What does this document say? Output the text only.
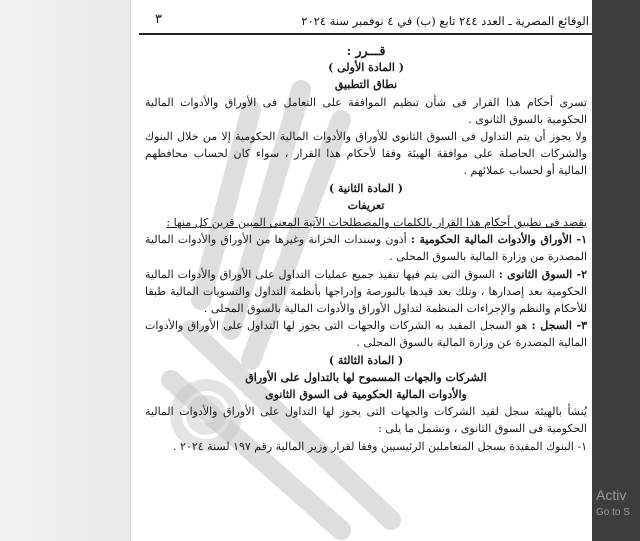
الوقائع المصرية ـ العدد ٢٤٤ تابع (ب) في ٤ نوفمبر سنة ٢٠٢٤
٣

قـــرر :

( المادة الأولى )

نطاق التطبيق

تسرى أحكام هذا القرار فى شأن تنظيم الموافقة على التعامل فى الأوراق والأدوات المالية الحكومية بالسوق الثانوى .

ولا يجوز أن يتم التداول فى السوق الثانوى للأوراق والأدوات المالية الحكومية إلا من خلال البنوك والشركات الحاصلة على موافقة الهيئة وفقا لأحكام هذا القرار ، سواء كان لحساب محافظهم المالية أو لحساب عملائهم .

( المادة الثانية )

تعريفات

يقصد فى تطبيق أحكام هذا القرار بالكلمات والمصطلحات الآتية المعنى المبين قرين كل منها :

١- الأوراق والأدوات المالية الحكومية : أذون وسندات الخزانة وغيرها من الأوراق والأدوات المالية المصدرة من وزارة المالية بالسوق المحلى .

٢- السوق الثانوى : السوق التى يتم فيها تنفيذ جميع عمليات التداول على الأوراق والأدوات المالية الحكومية بعد إصدارها ، وتلك بعد قيدها بالبورصة وإدراجها بأنظمة التداول والتسويات المالية طبقا للأحكام والنظم والإجراءات المنظمة لتداول الأوراق والأدوات المالية بالسوق المحلى .

٣- السجل : هو السجل المقيد به الشركات والجهات التى يجوز لها التداول على الأوراق والأدوات المالية المصدرة عن وزارة المالية بالسوق المحلى .

( المادة الثالثة )

الشركات والجهات المسموح لها بالتداول على الأوراق

والأدوات المالية الحكومية فى السوق الثانوى

يُنشأ بالهيئة سجل لقيد الشركات والجهات التى يجوز لها التداول على الأوراق والأدوات المالية الحكومية فى السوق الثانوى ، وتشمل ما يلى :

١- البنوك المقيدة بسجل المتعاملين الرئيسيين وفقا لقرار وزير المالية رقم ١٩٧ لسنة ٢٠٢٤ .

Activ
Go to S
